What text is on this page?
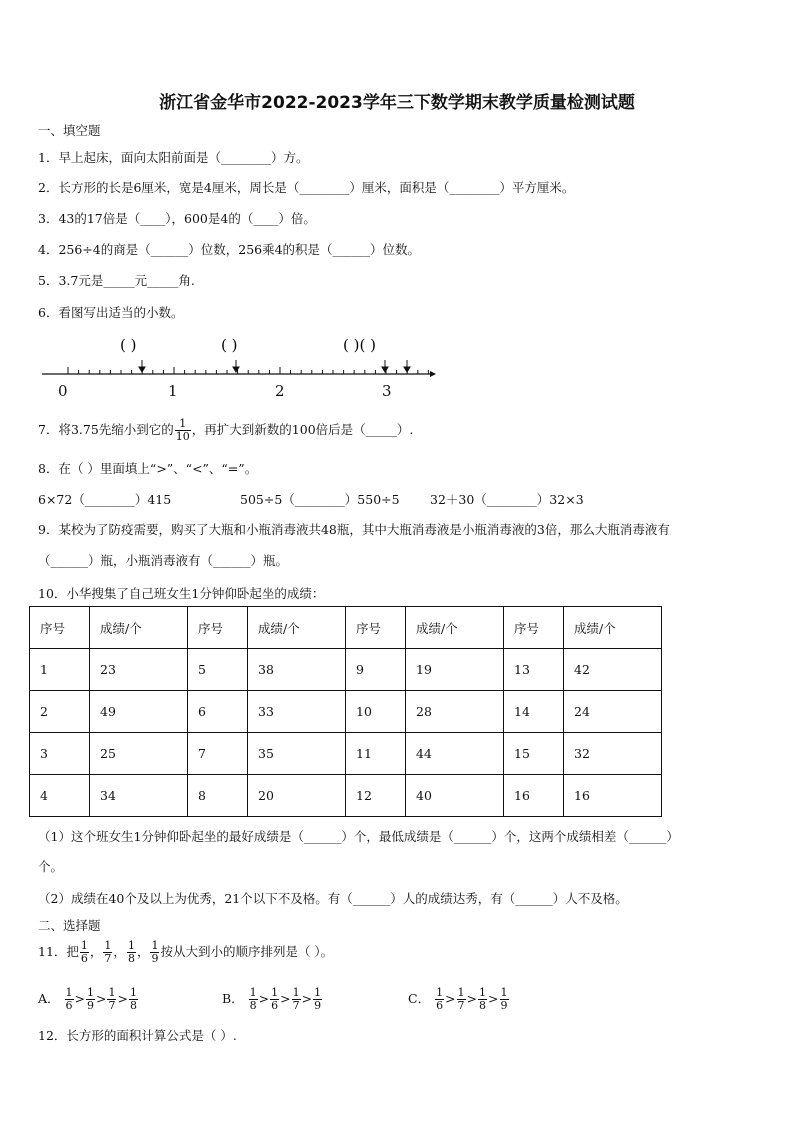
浙江省金华市2022-2023学年三下数学期末教学质量检测试题
一、填空题
1．早上起床，面向太阳前面是（________）方。
2．长方形的长是6厘米，宽是4厘米，周长是（________）厘米，面积是（________）平方厘米。
3．43的17倍是（____），600是4的（____）倍。
4．256÷4的商是（______）位数，256乘4的积是（______）位数。
5．3.7元是_____元_____角.
6．看图写出适当的小数。
( )	( )	( )( )
0	1	2	3
7．将3.75先缩小到它的 $\frac{1}{10}$ ，再扩大到新数的100倍后是（_____）.
8．在（ ）里面填上“>”、“<”、“=”。
6×72（________）415	505÷5（________）550÷5 32＋30（________）32×3
9．某校为了防疫需要，购买了大瓶和小瓶消毒液共48瓶，其中大瓶消毒液是小瓶消毒液的3倍，那么大瓶消毒液有
（______）瓶，小瓶消毒液有（______）瓶。
10．小华搜集了自己班女生1分钟仰卧起坐的成绩：
序号	成绩/个	序号	成绩/个	序号	成绩/个	序号	成绩/个
1	23	5	38	9	19	13	42
2	49	6	33	10	28	14	24
3	25	7	35	11	44	15	32
4	34	8	20	12	40	16	16
（1）这个班女生1分钟仰卧起坐的最好成绩是（______）个，最低成绩是（______）个，这两个成绩相差（______）
个。
（2）成绩在40个及以上为优秀，21个以下不及格。有（______）人的成绩达秀，有（______）人不及格。
二、选择题
11．把 $\frac{1}{6}$ ， $\frac{1}{7}$ ， $\frac{1}{8}$ ， $\frac{1}{9}$ 按从大到小的顺序排列是（ ）。
A． $\frac{1}{6} > \frac{1}{9} > \frac{1}{7} > \frac{1}{8}$	B． $\frac{1}{8} > \frac{1}{6} > \frac{1}{7} > \frac{1}{9}$	C． $\frac{1}{6} > \frac{1}{7} > \frac{1}{8} > \frac{1}{9}$
12．长方形的面积计算公式是（ ）.
